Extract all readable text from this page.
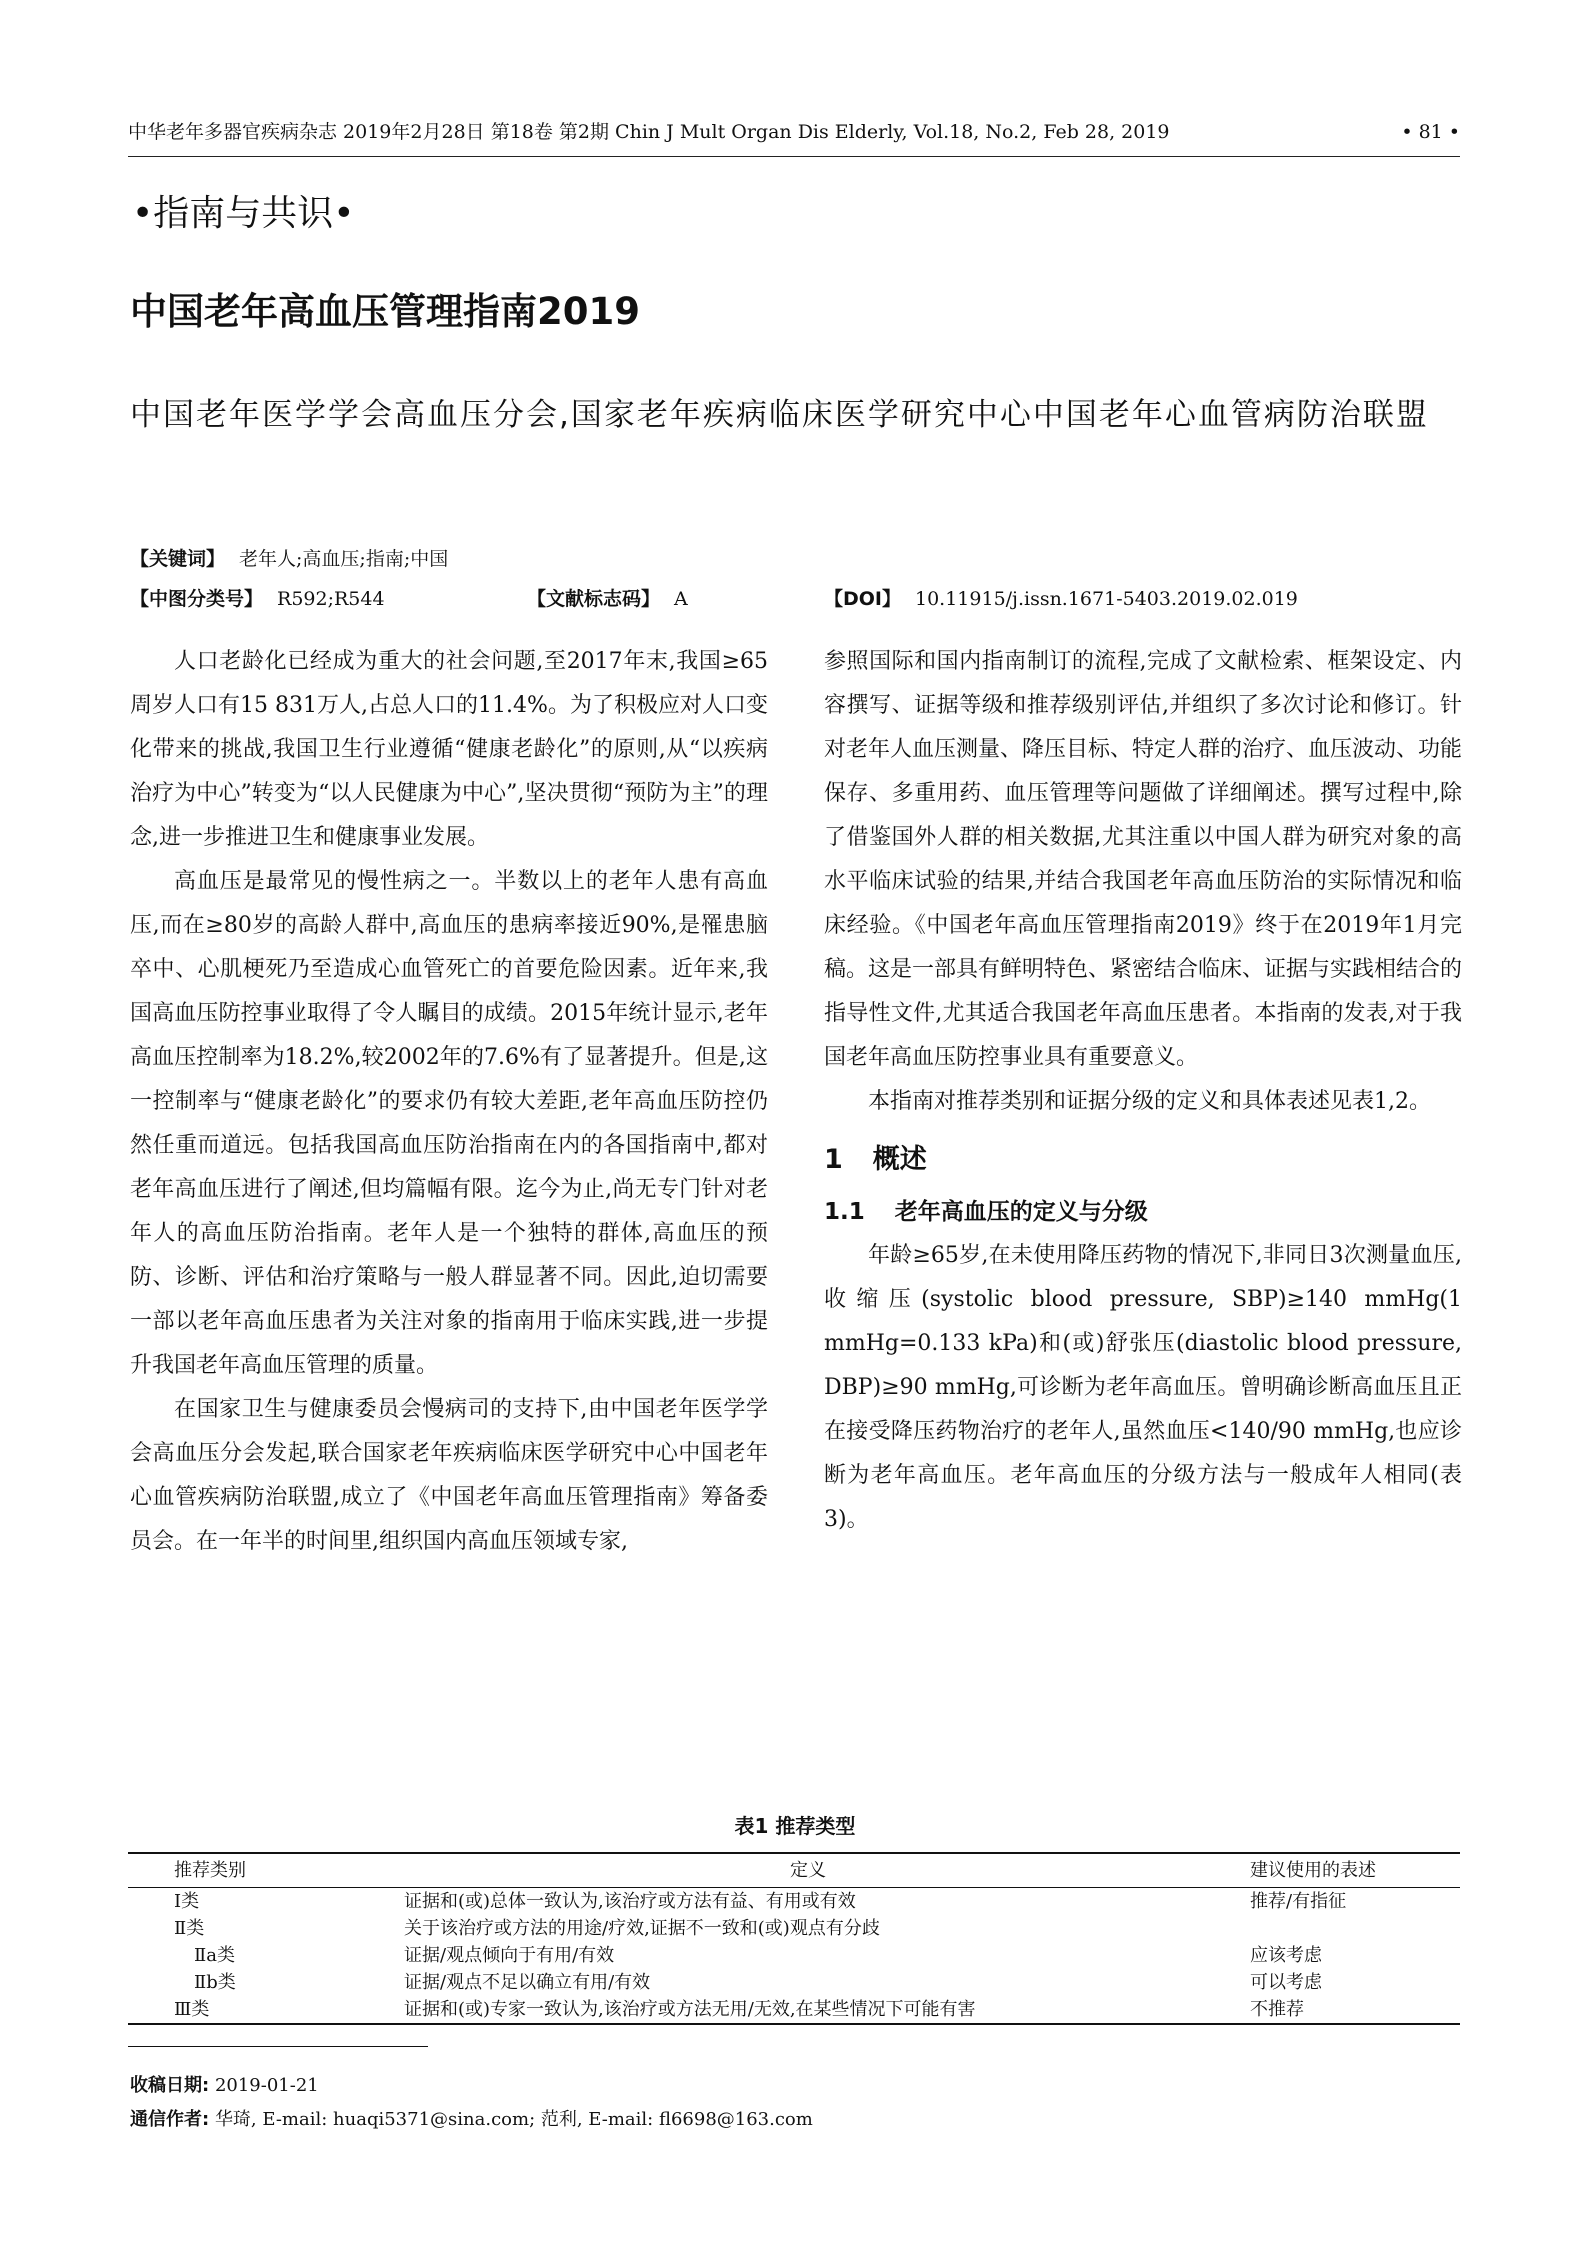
中华老年多器官疾病杂志 2019年2月28日 第18卷 第2期 Chin J Mult Organ Dis Elderly, Vol.18, No.2, Feb 28, 2019	• 81 •
•指南与共识•
中国老年高血压管理指南2019
中国老年医学学会高血压分会,国家老年疾病临床医学研究中心中国老年心血管病防治联盟
【关键词】 老年人;高血压;指南;中国
【中图分类号】 R592;R544	【文献标志码】 A	【DOI】 10.11915/j.issn.1671-5403.2019.02.019

人口老龄化已经成为重大的社会问题,至2017年末,我国≥65周岁人口有15 831万人,占总人口的11.4%。为了积极应对人口变化带来的挑战,我国卫生行业遵循“健康老龄化”的原则,从“以疾病治疗为中心”转变为“以人民健康为中心”,坚决贯彻“预防为主”的理念,进一步推进卫生和健康事业发展。

高血压是最常见的慢性病之一。半数以上的老年人患有高血压,而在≥80岁的高龄人群中,高血压的患病率接近90%,是罹患脑卒中、心肌梗死乃至造成心血管死亡的首要危险因素。近年来,我国高血压防控事业取得了令人瞩目的成绩。2015年统计显示,老年高血压控制率为18.2%,较2002年的7.6%有了显著提升。但是,这一控制率与“健康老龄化”的要求仍有较大差距,老年高血压防控仍然任重而道远。包括我国高血压防治指南在内的各国指南中,都对老年高血压进行了阐述,但均篇幅有限。迄今为止,尚无专门针对老年人的高血压防治指南。老年人是一个独特的群体,高血压的预防、诊断、评估和治疗策略与一般人群显著不同。因此,迫切需要一部以老年高血压患者为关注对象的指南用于临床实践,进一步提升我国老年高血压管理的质量。

在国家卫生与健康委员会慢病司的支持下,由中国老年医学学会高血压分会发起,联合国家老年疾病临床医学研究中心中国老年心血管疾病防治联盟,成立了《中国老年高血压管理指南》筹备委员会。在一年半的时间里,组织国内高血压领域专家,

参照国际和国内指南制订的流程,完成了文献检索、框架设定、内容撰写、证据等级和推荐级别评估,并组织了多次讨论和修订。针对老年人血压测量、降压目标、特定人群的治疗、血压波动、功能保存、多重用药、血压管理等问题做了详细阐述。撰写过程中,除了借鉴国外人群的相关数据,尤其注重以中国人群为研究对象的高水平临床试验的结果,并结合我国老年高血压防治的实际情况和临床经验。《中国老年高血压管理指南2019》终于在2019年1月完稿。这是一部具有鲜明特色、紧密结合临床、证据与实践相结合的指导性文件,尤其适合我国老年高血压患者。本指南的发表,对于我国老年高血压防控事业具有重要意义。

本指南对推荐类别和证据分级的定义和具体表述见表1,2。

1 概述
1.1 老年高血压的定义与分级

年龄≥65岁,在未使用降压药物的情况下,非同日3次测量血压,收缩压(systolic blood pressure, SBP)≥140 mmHg(1 mmHg=0.133 kPa)和(或)舒张压(diastolic blood pressure, DBP)≥90 mmHg,可诊断为老年高血压。曾明确诊断高血压且正在接受降压药物治疗的老年人,虽然血压<140/90 mmHg,也应诊断为老年高血压。老年高血压的分级方法与一般成年人相同(表3)。

表1 推荐类型
推荐类别	定义	建议使用的表述
Ⅰ类	证据和(或)总体一致认为,该治疗或方法有益、有用或有效	推荐/有指征
Ⅱ类	关于该治疗或方法的用途/疗效,证据不一致和(或)观点有分歧	
Ⅱa类	证据/观点倾向于有用/有效	应该考虑
Ⅱb类	证据/观点不足以确立有用/有效	可以考虑
Ⅲ类	证据和(或)专家一致认为,该治疗或方法无用/无效,在某些情况下可能有害	不推荐
收稿日期: 2019-01-21
通信作者: 华琦, E-mail: huaqi5371@sina.com; 范利, E-mail: fl6698@163.com
